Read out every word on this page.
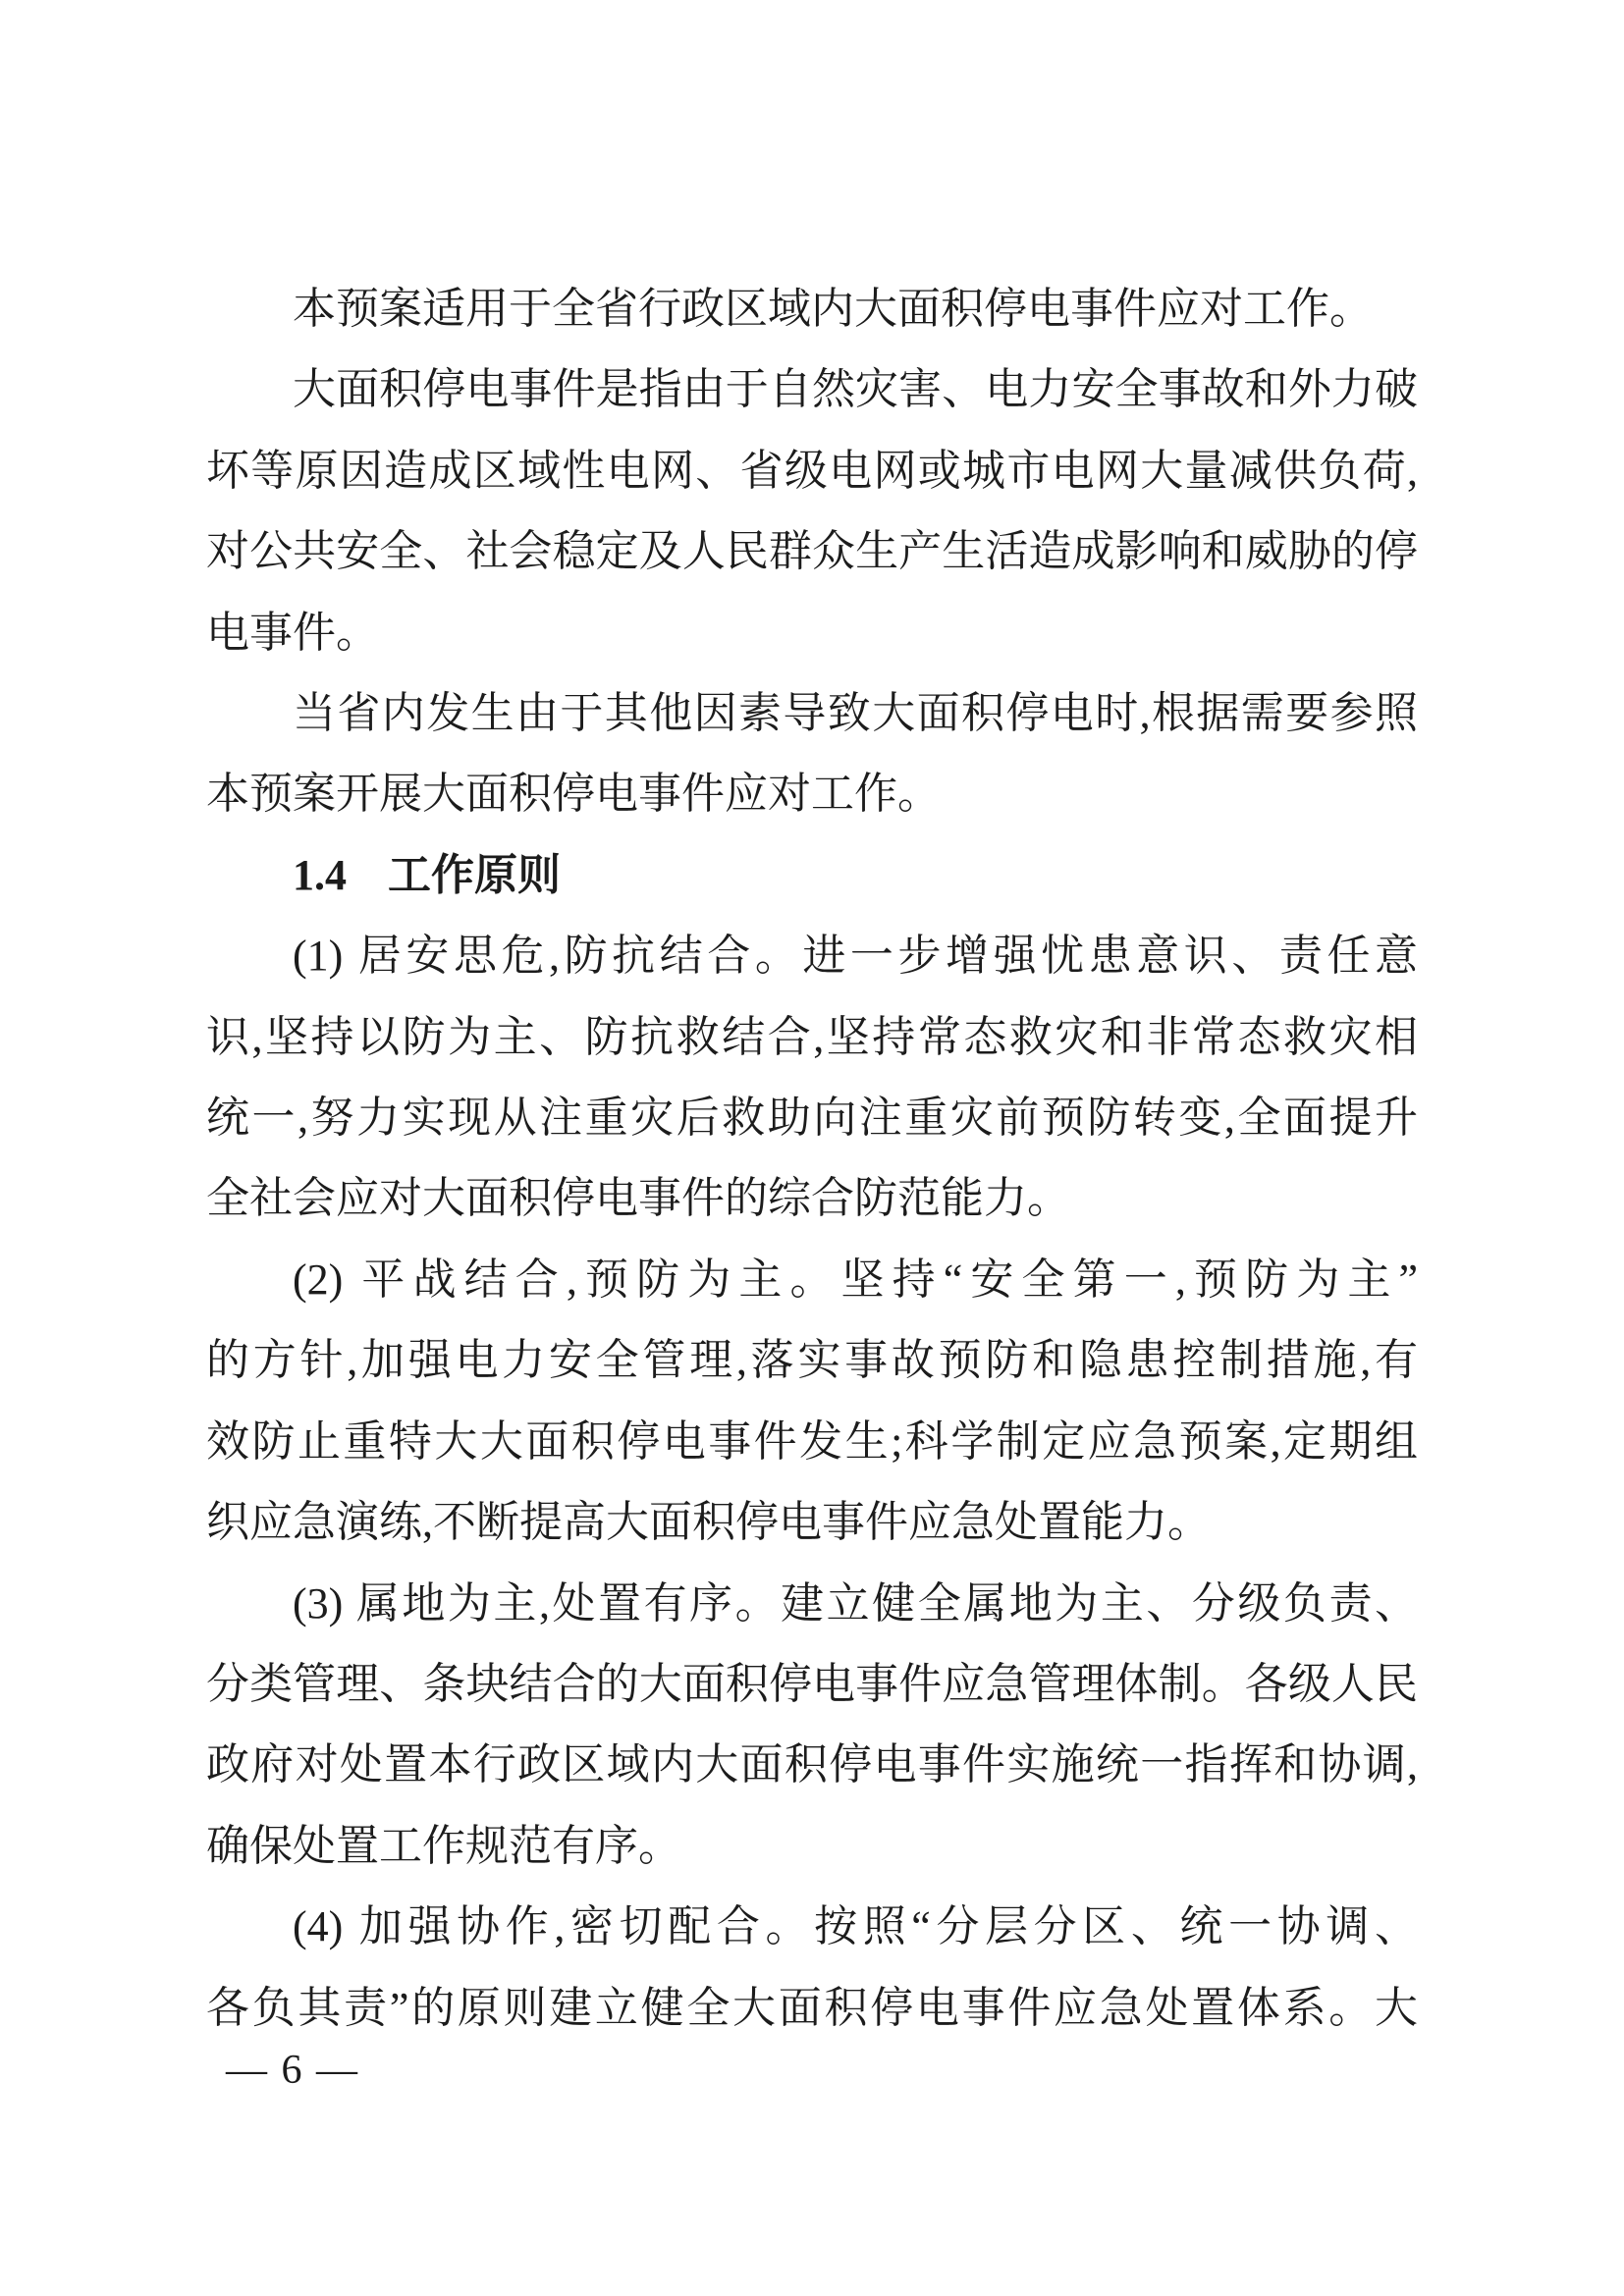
本预案适用于全省行政区域内大面积停电事件应对工作。

大面积停电事件是指由于自然灾害、电力安全事故和外力破
坏等原因造成区域性电网、省级电网或城市电网大量减供负荷,
对公共安全、社会稳定及人民群众生产生活造成影响和威胁的停
电事件。

当省内发生由于其他因素导致大面积停电时,根据需要参照
本预案开展大面积停电事件应对工作。

1.4 工作原则

(1) 居安思危,防抗结合。进一步增强忧患意识、责任意
识,坚持以防为主、防抗救结合,坚持常态救灾和非常态救灾相
统一,努力实现从注重灾后救助向注重灾前预防转变,全面提升
全社会应对大面积停电事件的综合防范能力。

(2) 平战结合,预防为主。坚持“安全第一,预防为主”
的方针,加强电力安全管理,落实事故预防和隐患控制措施,有
效防止重特大大面积停电事件发生;科学制定应急预案,定期组
织应急演练,不断提高大面积停电事件应急处置能力。

(3) 属地为主,处置有序。建立健全属地为主、分级负责、
分类管理、条块结合的大面积停电事件应急管理体制。各级人民
政府对处置本行政区域内大面积停电事件实施统一指挥和协调,
确保处置工作规范有序。

(4) 加强协作,密切配合。按照“分层分区、统一协调、
各负其责”的原则建立健全大面积停电事件应急处置体系。大

— 6 —
